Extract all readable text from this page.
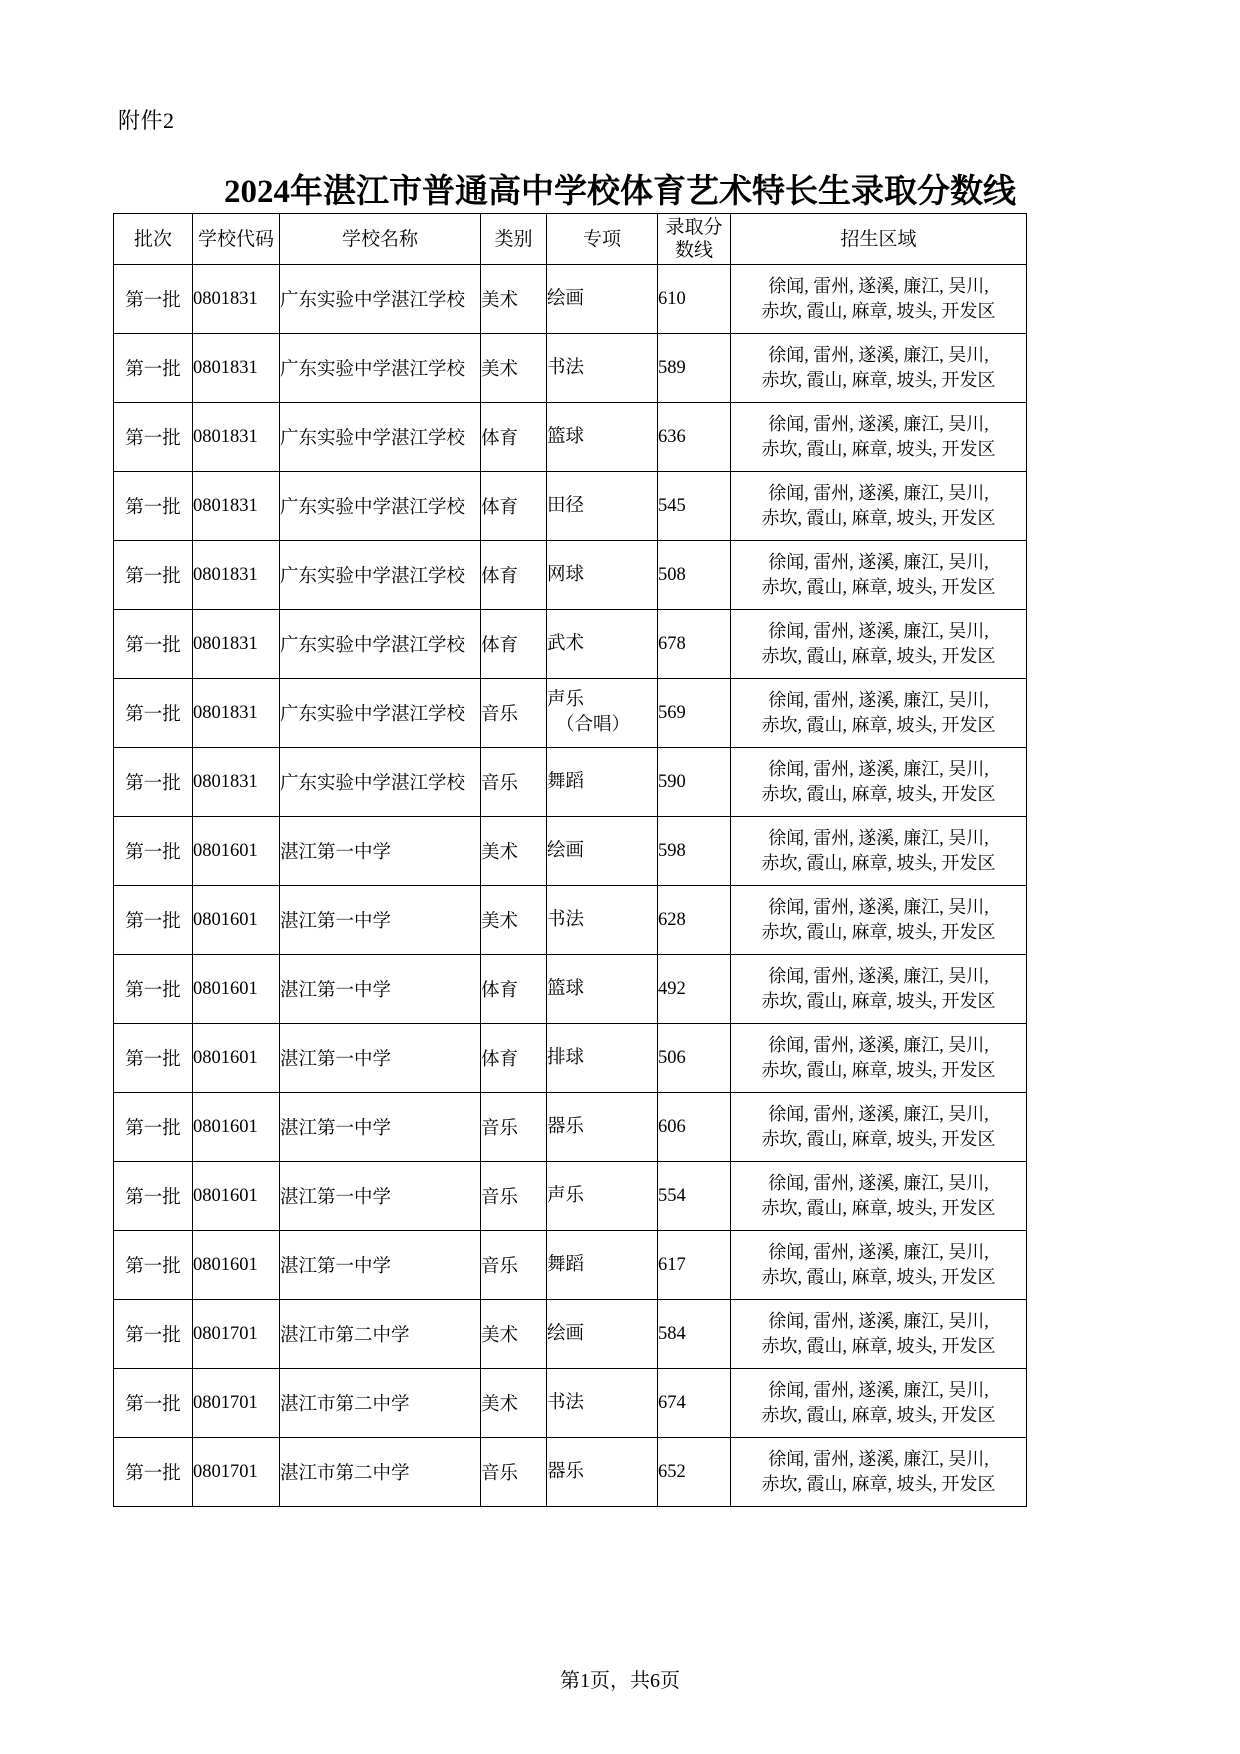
附件2
2024年湛江市普通高中学校体育艺术特长生录取分数线
批次	学校代码	学校名称	类别	专项	录取分
数线	招生区域
第一批	0801831	广东实验中学湛江学校	美术	绘画	610	徐闻, 雷州, 遂溪, 廉江, 吴川,
赤坎, 霞山, 麻章, 坡头, 开发区

第一批	0801831	广东实验中学湛江学校	美术	书法	589	徐闻, 雷州, 遂溪, 廉江, 吴川,
赤坎, 霞山, 麻章, 坡头, 开发区

第一批	0801831	广东实验中学湛江学校	体育	篮球	636	徐闻, 雷州, 遂溪, 廉江, 吴川,
赤坎, 霞山, 麻章, 坡头, 开发区

第一批	0801831	广东实验中学湛江学校	体育	田径	545	徐闻, 雷州, 遂溪, 廉江, 吴川,
赤坎, 霞山, 麻章, 坡头, 开发区

第一批	0801831	广东实验中学湛江学校	体育	网球	508	徐闻, 雷州, 遂溪, 廉江, 吴川,
赤坎, 霞山, 麻章, 坡头, 开发区

第一批	0801831	广东实验中学湛江学校	体育	武术	678	徐闻, 雷州, 遂溪, 廉江, 吴川,
赤坎, 霞山, 麻章, 坡头, 开发区

第一批	0801831	广东实验中学湛江学校	音乐	声乐
（合唱）	569	徐闻, 雷州, 遂溪, 廉江, 吴川,
赤坎, 霞山, 麻章, 坡头, 开发区

第一批	0801831	广东实验中学湛江学校	音乐	舞蹈	590	徐闻, 雷州, 遂溪, 廉江, 吴川,
赤坎, 霞山, 麻章, 坡头, 开发区

第一批	0801601	湛江第一中学	美术	绘画	598	徐闻, 雷州, 遂溪, 廉江, 吴川,
赤坎, 霞山, 麻章, 坡头, 开发区

第一批	0801601	湛江第一中学	美术	书法	628	徐闻, 雷州, 遂溪, 廉江, 吴川,
赤坎, 霞山, 麻章, 坡头, 开发区

第一批	0801601	湛江第一中学	体育	篮球	492	徐闻, 雷州, 遂溪, 廉江, 吴川,
赤坎, 霞山, 麻章, 坡头, 开发区

第一批	0801601	湛江第一中学	体育	排球	506	徐闻, 雷州, 遂溪, 廉江, 吴川,
赤坎, 霞山, 麻章, 坡头, 开发区

第一批	0801601	湛江第一中学	音乐	器乐	606	徐闻, 雷州, 遂溪, 廉江, 吴川,
赤坎, 霞山, 麻章, 坡头, 开发区

第一批	0801601	湛江第一中学	音乐	声乐	554	徐闻, 雷州, 遂溪, 廉江, 吴川,
赤坎, 霞山, 麻章, 坡头, 开发区

第一批	0801601	湛江第一中学	音乐	舞蹈	617	徐闻, 雷州, 遂溪, 廉江, 吴川,
赤坎, 霞山, 麻章, 坡头, 开发区

第一批	0801701	湛江市第二中学	美术	绘画	584	徐闻, 雷州, 遂溪, 廉江, 吴川,
赤坎, 霞山, 麻章, 坡头, 开发区

第一批	0801701	湛江市第二中学	美术	书法	674	徐闻, 雷州, 遂溪, 廉江, 吴川,
赤坎, 霞山, 麻章, 坡头, 开发区

第一批	0801701	湛江市第二中学	音乐	器乐	652	徐闻, 雷州, 遂溪, 廉江, 吴川,
赤坎, 霞山, 麻章, 坡头, 开发区
第1页，共6页
